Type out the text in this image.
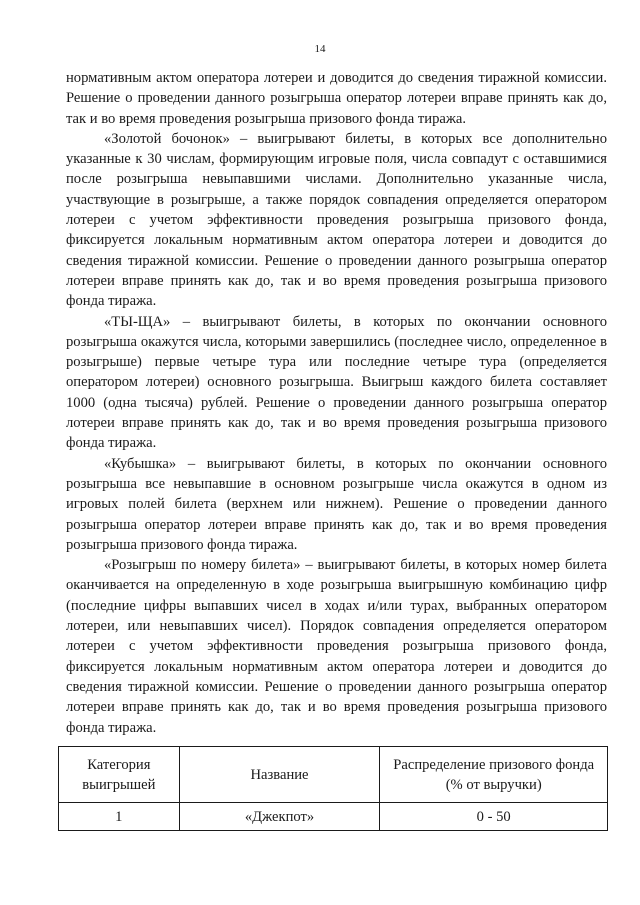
14

нормативным актом оператора лотереи и доводится до сведения тиражной комиссии. Решение о проведении данного розыгрыша оператор лотереи вправе принять как до, так и во время проведения розыгрыша призового фонда тиража.

«Золотой бочонок» – выигрывают билеты, в которых все дополнительно указанные к 30 числам, формирующим игровые поля, числа совпадут с оставшимися после розыгрыша невыпавшими числами. Дополнительно указанные числа, участвующие в розыгрыше, а также порядок совпадения определяется оператором лотереи с учетом эффективности проведения розыгрыша призового фонда, фиксируется локальным нормативным актом оператора лотереи и доводится до сведения тиражной комиссии. Решение о проведении данного розыгрыша оператор лотереи вправе принять как до, так и во время проведения розыгрыша призового фонда тиража.

«ТЫ-ЩА» – выигрывают билеты, в которых по окончании основного розыгрыша окажутся числа, которыми завершились (последнее число, определенное в розыгрыше) первые четыре тура или последние четыре тура (определяется оператором лотереи) основного розыгрыша. Выигрыш каждого билета составляет 1000 (одна тысяча) рублей. Решение о проведении данного розыгрыша оператор лотереи вправе принять как до, так и во время проведения розыгрыша призового фонда тиража.

«Кубышка» – выигрывают билеты, в которых по окончании основного розыгрыша все невыпавшие в основном розыгрыше числа окажутся в одном из игровых полей билета (верхнем или нижнем). Решение о проведении данного розыгрыша оператор лотереи вправе принять как до, так и во время проведения розыгрыша призового фонда тиража.

«Розыгрыш по номеру билета» – выигрывают билеты, в которых номер билета оканчивается на определенную в ходе розыгрыша выигрышную комбинацию цифр (последние цифры выпавших чисел в ходах и/или турах, выбранных оператором лотереи, или невыпавших чисел). Порядок совпадения определяется оператором лотереи с учетом эффективности проведения розыгрыша призового фонда, фиксируется локальным нормативным актом оператора лотереи и доводится до сведения тиражной комиссии. Решение о проведении данного розыгрыша оператор лотереи вправе принять как до, так и во время проведения розыгрыша призового фонда тиража.

Категория выигрышей	Название	Распределение призового фонда (% от выручки)
1	«Джекпот»	0 - 50
